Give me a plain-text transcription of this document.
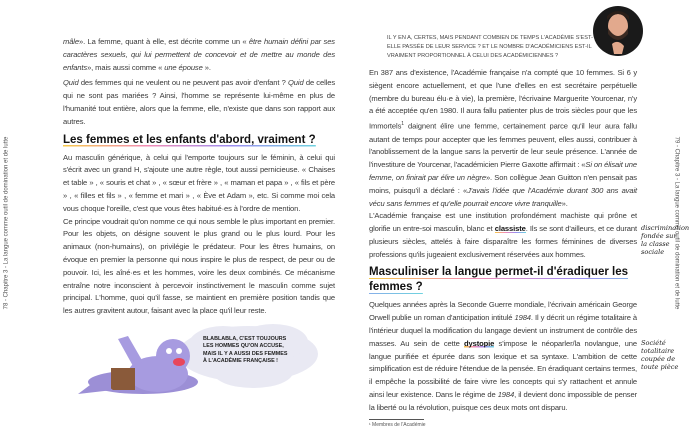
78 - Chapitre 3 - La langue comme outil de domination et de lutte

mâle». La femme, quant à elle, est décrite comme un « être humain défini par ses caractères sexuels, qui lui permettent de concevoir et de mettre au monde des enfants», mais aussi comme « une épouse ».

Quid des femmes qui ne veulent ou ne peuvent pas avoir d'enfant ? Quid de celles qui ne sont pas mariées ? Ainsi, l'homme se représente lui-même en plus de l'humanité tout entière, alors que la femme, elle, n'existe que dans son rapport aux autres.

Les femmes et les enfants d'abord, vraiment ?

Au masculin générique, à celui qui l'emporte toujours sur le féminin, à celui qui s'écrit avec un grand H, s'ajoute une autre règle, tout aussi pernicieuse. « Chaises et table » , « souris et chat » , « sœur et frère » , « maman et papa » , « fils et père » , « filles et fils » , « femme et mari » , « Ève et Adam », etc. Si comme moi cela vous choque l'oreille, c'est que vous êtes habitué·es à l'ordre de mention.

Ce principe voudrait qu'on nomme ce qui nous semble le plus important en premier. Pour les objets, on désigne souvent le plus grand ou le plus lourd. Pour les animaux (non-humains), on privilégie le prédateur. Pour les êtres humains, on évoque en premier la personne qui nous inspire le plus de respect, de peur ou de pouvoir. Ici, les aîné·es et les hommes, voire les deux combinés. Ce mécanisme entraîne notre inconscient à percevoir instinctivement le masculin comme sujet principal. L'homme, quoi qu'il fasse, se maintient en première position tandis que les autres gravitent autour, faisant avec la place qu'il leur reste.

BLABLABLA, C'EST TOUJOURS LES HOMMES QU'ON ACCUSE, MAIS IL Y A AUSSI DES FEMMES À L'ACADÉMIE FRANÇAISE !
79 - Chapitre 3 - La langue comme outil de domination et de lutte
IL Y EN A, CERTES, MAIS PENDANT COMBIEN DE TEMPS L'ACADÉMIE S'EST-ELLE PASSÉE DE LEUR SERVICE ? ET LE NOMBRE D'ACADÉMICIENS EST-IL VRAIMENT PROPORTIONNEL À CELUI DES ACADÉMICIENNES ?

En 387 ans d'existence, l'Académie française n'a compté que 10 femmes. Si 6 y siègent encore actuellement, et que l'une d'elles en est secrétaire perpétuelle (membre du bureau élu·e à vie), la première, l'écrivaine Marguerite Yourcenar, n'y a été acceptée qu'en 1980. Il aura fallu patienter plus de trois siècles pour que les Immortels$^1$ daignent élire une femme, certainement parce qu'il leur aura fallu autant de temps pour accepter que les femmes peuvent, elles aussi, contribuer à l'anoblissement de la langue sans la pervertir de leur seule présence. L'année de l'investiture de Yourcenar, l'académicien Pierre Gaxotte affirmait : «Si on élisait une femme, on finirait par élire un nègre». Son collègue Jean Guitton n'en pensait pas moins, puisqu'il a déclaré : «J'avais l'idée que l'Académie durant 300 ans avait vécu sans femmes et qu'elle pourrait encore vivre tranquille».

L'Académie française est une institution profondément machiste qui prône et glorifie un entre-soi masculin, blanc et classiste. Ils se sont d'ailleurs, et ce durant plusieurs siècles, attelés à faire disparaître les formes féminines de diverses professions qu'ils jugeaient exclusivement réservées aux hommes.

Masculiniser la langue permet-il d'éradiquer les femmes ?

Quelques années après la Seconde Guerre mondiale, l'écrivain américain George Orwell publie un roman d'anticipation intitulé 1984. Il y décrit un régime totalitaire à l'intérieur duquel la modification du langage devient un instrument de contrôle des masses. Au sein de cette dystopie s'impose le néoparler/la novlangue, une langue purifiée et épurée dans son lexique et sa syntaxe. L'ambition de cette simplification est de réduire l'étendue de la pensée. En éradiquant certains termes, il empêche la possibilité de faire vivre les concepts qui s'y rattachent et annule ainsi leur existence. Dans le régime de 1984, il devient donc impossible de penser la liberté ou la révolution, puisque ces deux mots ont disparu.

¹ Membres de l'Académie
discrimination fondée sur la classe sociale
Société totalitaire coupée de toute pièce
